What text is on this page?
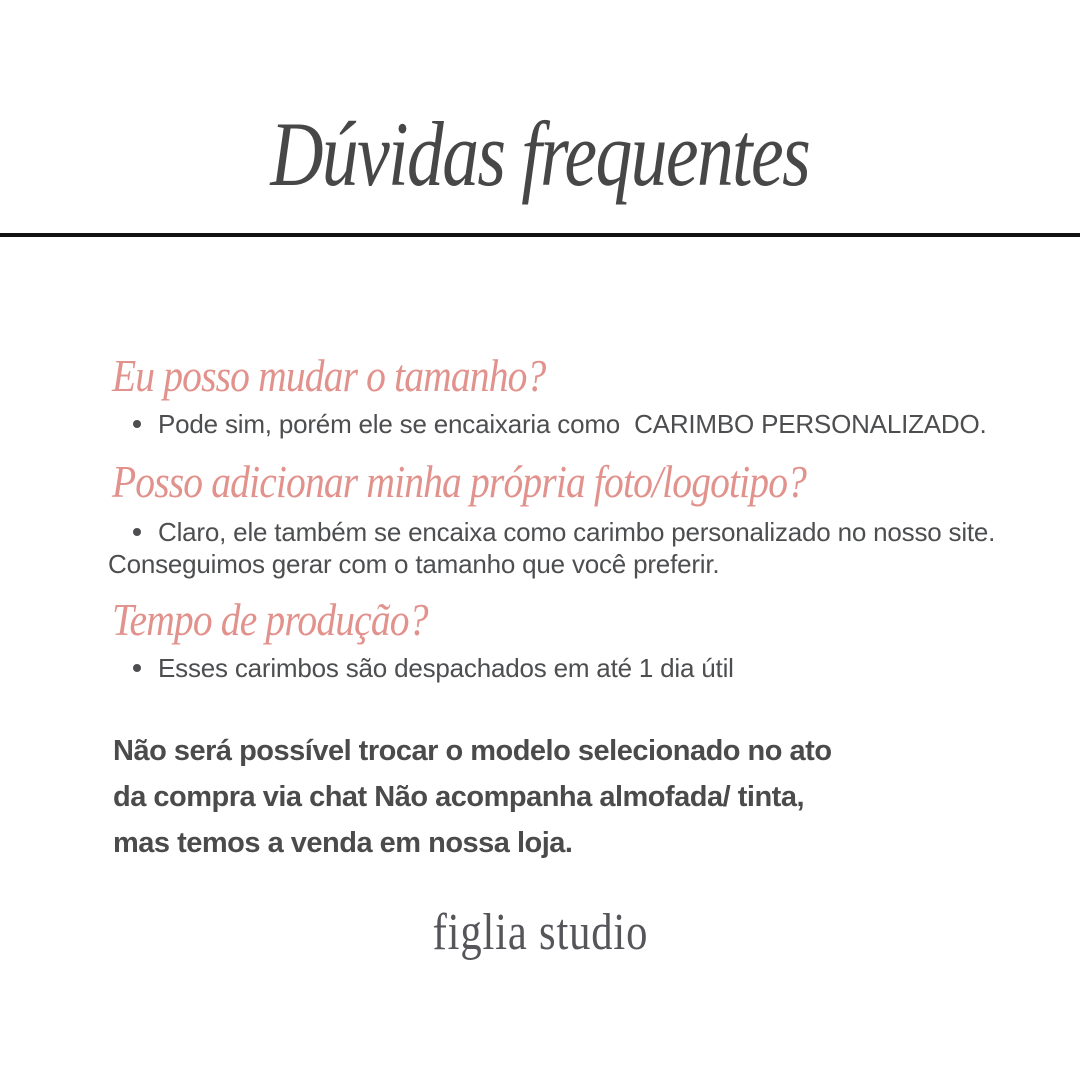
Dúvidas frequentes
Eu posso mudar o tamanho?
Pode sim, porém ele se encaixaria como  CARIMBO PERSONALIZADO.
Posso adicionar minha própria foto/logotipo?
Claro, ele também se encaixa como carimbo personalizado no nosso site.
Conseguimos gerar com o tamanho que você preferir.
Tempo de produção?
Esses carimbos são despachados em até 1 dia útil

Não será possível trocar o modelo selecionado no ato
da compra via chat Não acompanha almofada/ tinta,
mas temos a venda em nossa loja.

figlia studio
